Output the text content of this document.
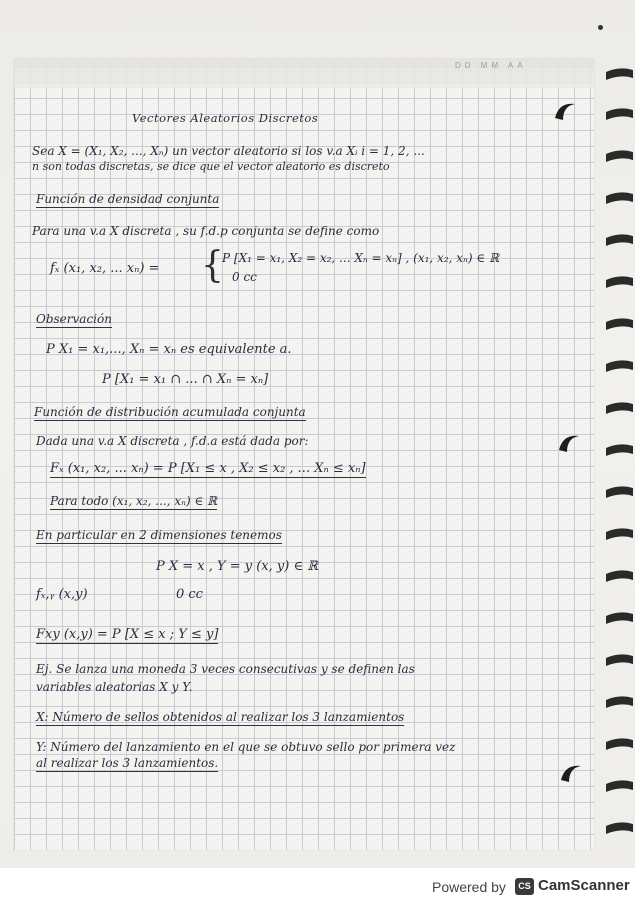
DD MM AA
Vectores Aleatorios Discretos
Sea X = (X₁, X₂, ..., Xₙ) un vector aleatorio si los v.a Xᵢ i = 1, 2, ...
n son todas discretas, se dice que el vector aleatorio es discreto
Función de densidad conjunta
Para una v.a X discreta , su f.d.p conjunta se define como
fₓ (x₁, x₂, ... xₙ) = {
P [X₁ = x₁, X₂ = x₂, ... Xₙ = xₙ] , (x₁, x₂, xₙ) ∈ ℝ
0 cc
Observación
P X₁ = x₁,..., Xₙ = xₙ es equivalente a.
P [X₁ = x₁ ∩ ... ∩ Xₙ = xₙ]
Función de distribución acumulada conjunta
Dada una v.a X discreta , f.d.a está dada por:
Fₓ (x₁, x₂, ... xₙ) = P [X₁ ≤ x , X₂ ≤ x₂ , ... Xₙ ≤ xₙ]
Para todo (x₁, x₂, ..., xₙ) ∈ ℝ
En particular en 2 dimensiones tenemos
P X = x , Y = y (x, y) ∈ ℝ
fₓ,ᵧ (x,y)	0 cc
Fxy (x,y) = P [X ≤ x ; Y ≤ y]
Ej. Se lanza una moneda 3 veces consecutivas y se definen las
variables aleatorias X y Y.
X: Número de sellos obtenidos al realizar los 3 lanzamientos
Y: Número del lanzamiento en el que se obtuvo sello por primera vez
al realizar los 3 lanzamientos.
Powered by	CS CamScanner
